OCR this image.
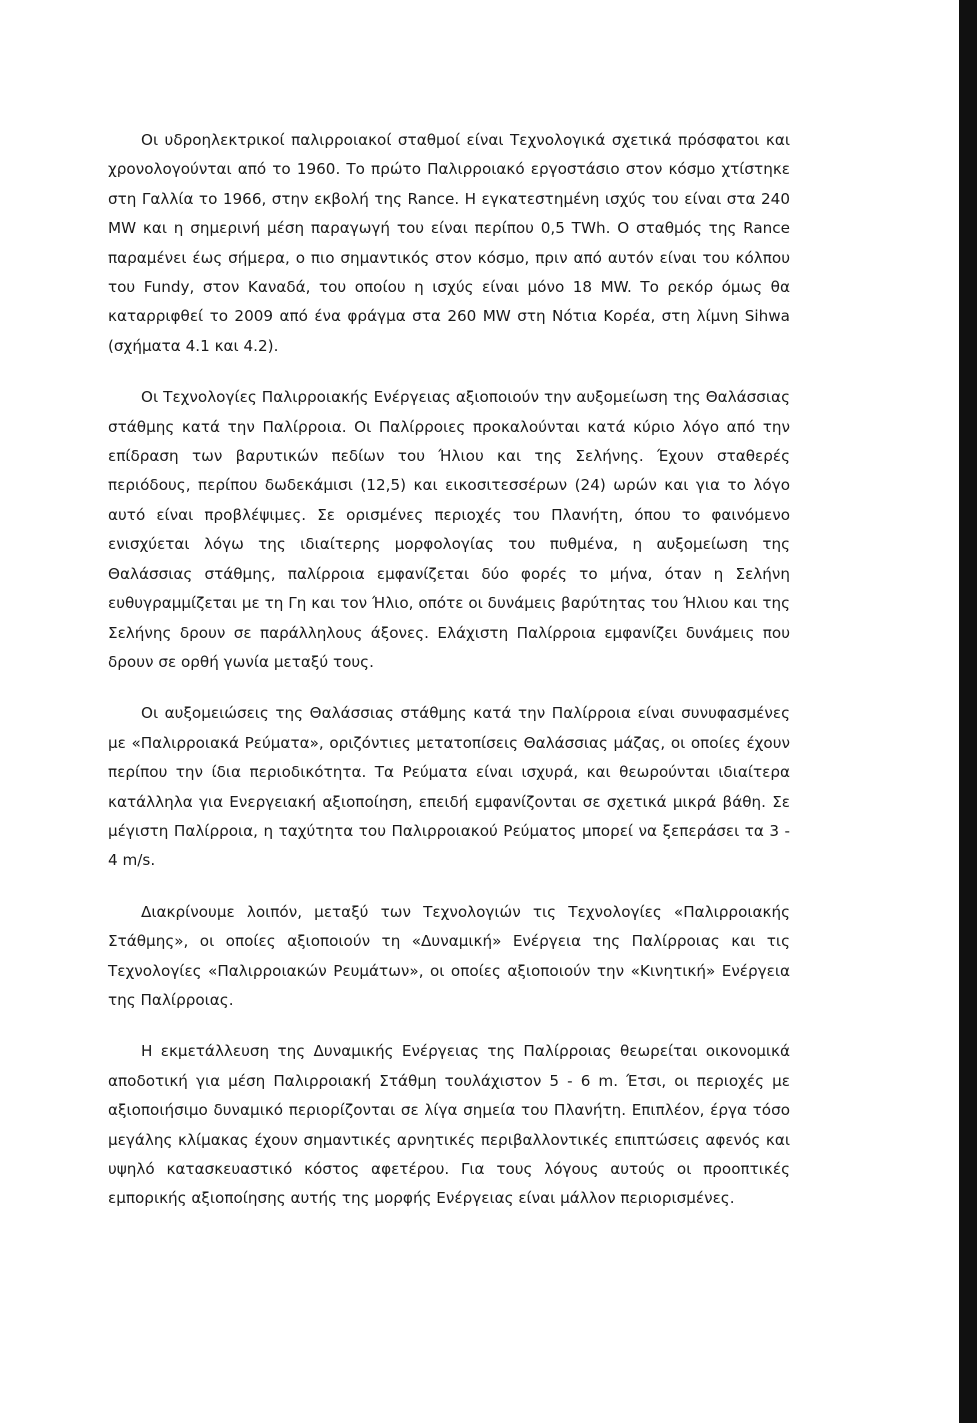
Οι υδροηλεκτρικοί παλιρροιακοί σταθμοί είναι Τεχνολογικά σχετικά πρόσφατοι και χρονολογούνται από το 1960. Το πρώτο Παλιρροιακό εργοστάσιο στον κόσμο χτίστηκε στη Γαλλία το 1966, στην εκβολή της Rance. Η εγκατεστημένη ισχύς του είναι στα 240 MW και η σημερινή μέση παραγωγή του είναι περίπου 0,5 TWh. Ο σταθμός της Rance παραμένει έως σήμερα, ο πιο σημαντικός στον κόσμο, πριν από αυτόν είναι του κόλπου του Fundy, στον Καναδά, του οποίου η ισχύς είναι μόνο 18 MW. Το ρεκόρ όμως θα καταρριφθεί το 2009 από ένα φράγμα στα 260 MW στη Νότια Κορέα, στη λίμνη Sihwa (σχήματα 4.1 και 4.2).

Οι Τεχνολογίες Παλιρροιακής Ενέργειας αξιοποιούν την αυξομείωση της Θαλάσσιας στάθμης κατά την Παλίρροια. Οι Παλίρροιες προκαλούνται κατά κύριο λόγο από την επίδραση των βαρυτικών πεδίων του Ήλιου και της Σελήνης. Έχουν σταθερές περιόδους, περίπου δωδεκάμισι (12,5) και εικοσιτεσσέρων (24) ωρών και για το λόγο αυτό είναι προβλέψιμες. Σε ορισμένες περιοχές του Πλανήτη, όπου το φαινόμενο ενισχύεται λόγω της ιδιαίτερης μορφολογίας του πυθμένα, η αυξομείωση της Θαλάσσιας στάθμης, παλίρροια εμφανίζεται δύο φορές το μήνα, όταν η Σελήνη ευθυγραμμίζεται με τη Γη και τον Ήλιο, οπότε οι δυνάμεις βαρύτητας του Ήλιου και της Σελήνης δρουν σε παράλληλους άξονες. Ελάχιστη Παλίρροια εμφανίζει δυνάμεις που δρουν σε ορθή γωνία μεταξύ τους.

Οι αυξομειώσεις της Θαλάσσιας στάθμης κατά την Παλίρροια είναι συνυφασμένες με «Παλιρροιακά Ρεύματα», οριζόντιες μετατοπίσεις Θαλάσσιας μάζας, οι οποίες έχουν περίπου την ίδια περιοδικότητα. Τα Ρεύματα είναι ισχυρά, και θεωρούνται ιδιαίτερα κατάλληλα για Ενεργειακή αξιοποίηση, επειδή εμφανίζονται σε σχετικά μικρά βάθη. Σε μέγιστη Παλίρροια, η ταχύτητα του Παλιρροιακού Ρεύματος μπορεί να ξεπεράσει τα 3 - 4 m/s.

Διακρίνουμε λοιπόν, μεταξύ των Τεχνολογιών τις Τεχνολογίες «Παλιρροιακής Στάθμης», οι οποίες αξιοποιούν τη «Δυναμική» Ενέργεια της Παλίρροιας και τις Τεχνολογίες «Παλιρροιακών Ρευμάτων», οι οποίες αξιοποιούν την «Κινητική» Ενέργεια της Παλίρροιας.

Η εκμετάλλευση της Δυναμικής Ενέργειας της Παλίρροιας θεωρείται οικονομικά αποδοτική για μέση Παλιρροιακή Στάθμη τουλάχιστον 5 - 6 m. Έτσι, οι περιοχές με αξιοποιήσιμο δυναμικό περιορίζονται σε λίγα σημεία του Πλανήτη. Επιπλέον, έργα τόσο μεγάλης κλίμακας έχουν σημαντικές αρνητικές περιβαλλοντικές επιπτώσεις αφενός και υψηλό κατασκευαστικό κόστος αφετέρου. Για τους λόγους αυτούς οι προοπτικές εμπορικής αξιοποίησης αυτής της μορφής Ενέργειας είναι μάλλον περιορισμένες.
